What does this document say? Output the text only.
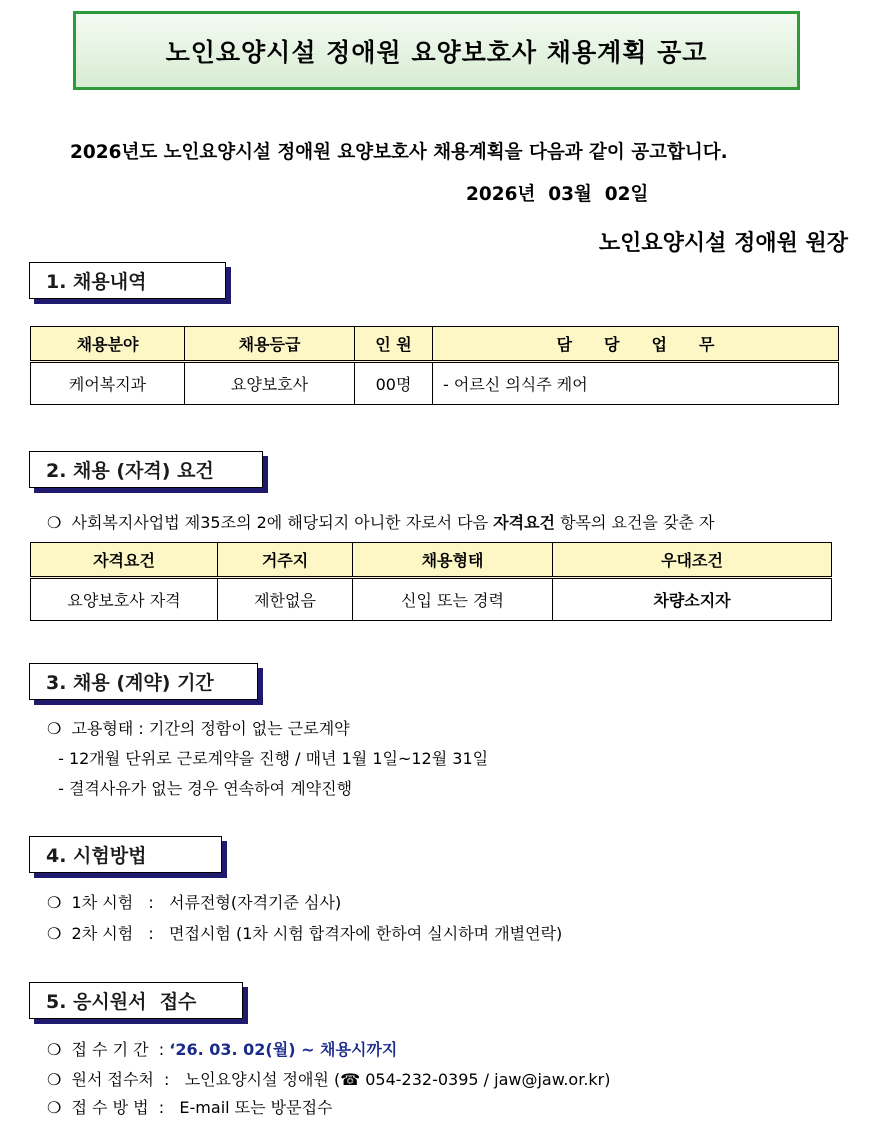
노인요양시설 정애원 요양보호사 채용계획 공고
2026년도 노인요양시설 정애원 요양보호사 채용계획을 다음과 같이 공고합니다.
2026년  03월  02일
노인요양시설 정애원 원장
1. 채용내역
채용분야	채용등급	인 원	담　　당　　업　　무
케어복지과	요양보호사	00명	- 어르신 의식주 케어
2. 채용 (자격) 요건
❍  사회복지사업법 제35조의 2에 해당되지 아니한 자로서 다음 자격요건 항목의 요건을 갖춘 자
자격요건	거주지	채용형태	우대조건
요양보호사 자격	제한없음	신입 또는 경력	차량소지자
3. 채용 (계약) 기간
❍  고용형태 : 기간의 정함이 없는 근로계약
- 12개월 단위로 근로계약을 진행 / 매년 1월 1일~12월 31일
- 결격사유가 없는 경우 연속하여 계약진행
4. 시험방법
❍  1차 시험   :   서류전형(자격기준 심사)
❍  2차 시험   :   면접시험 (1차 시험 합격자에 한하여 실시하며 개별연락)
5. 응시원서  접수
❍  접 수 기 간  : ‘26. 03. 02(월) ~ 채용시까지
❍  원서 접수처  :   노인요양시설 정애원 (☎ 054-232-0395 / jaw@jaw.or.kr)
❍  접 수 방 법  :   E-mail 또는 방문접수
